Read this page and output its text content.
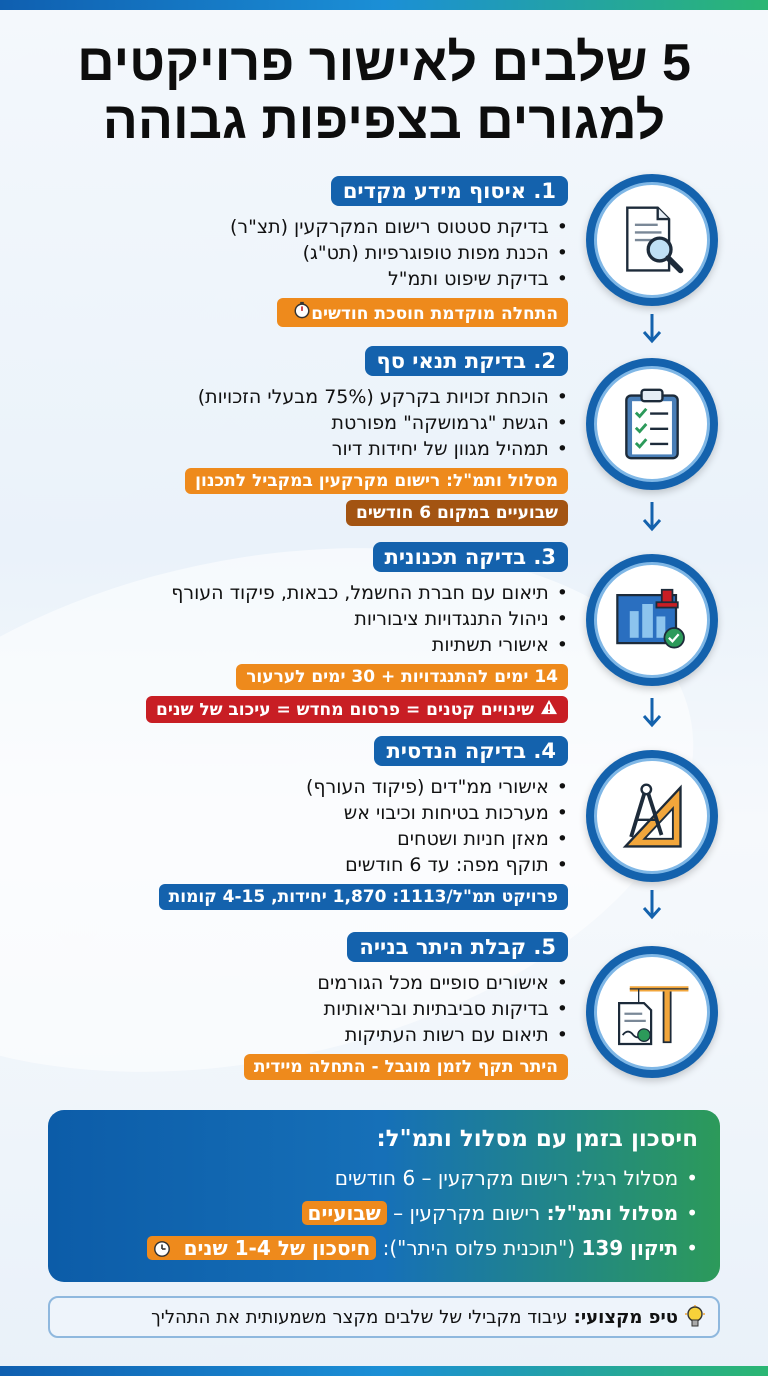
5 שלבים לאישור פרויקטים
למגורים בצפיפות גבוהה
1. איסוף מידע מקדים
• בדיקת סטטוס רישום המקרקעין (תצ"ר)
• הכנת מפות טופוגרפיות (תט"ג)
• בדיקת שיפוט ותמ"ל
התחלה מוקדמת חוסכת חודשים
2. בדיקת תנאי סף
• הוכחת זכויות בקרקע (75% מבעלי הזכויות)
• הגשת "גרמושקה" מפורטת
• תמהיל מגוון של יחידות דיור
מסלול ותמ"ל: רישום מקרקעין במקביל לתכנון
שבועיים במקום 6 חודשים
3. בדיקה תכנונית
• תיאום עם חברת החשמל, כבאות, פיקוד העורף
• ניהול התנגדויות ציבוריות
• אישורי תשתיות
14 ימים להתנגדויות + 30 ימים לערעור
שינויים קטנים = פרסום מחדש = עיכוב של שנים
4. בדיקה הנדסית
• אישורי ממ"דים (פיקוד העורף)
• מערכות בטיחות וכיבוי אש
• מאזן חניות ושטחים
• תוקף מפה: עד 6 חודשים
פרויקט תמ"ל/1113: 1,870 יחידות, 4-15 קומות
5. קבלת היתר בנייה
• אישורים סופיים מכל הגורמים
• בדיקות סביבתיות ובריאותיות
• תיאום עם רשות העתיקות
היתר תקף לזמן מוגבל - התחלה מיידית
חיסכון בזמן עם מסלול ותמ"ל:
• מסלול רגיל: רישום מקרקעין – 6 חודשים
• מסלול ותמ"ל: רישום מקרקעין – שבועיים
• תיקון 139 ("תוכנית פלוס היתר"): חיסכון של 1-4 שנים
טיפ מקצועי:
עיבוד מקבילי של שלבים מקצר משמעותית את התהליך
